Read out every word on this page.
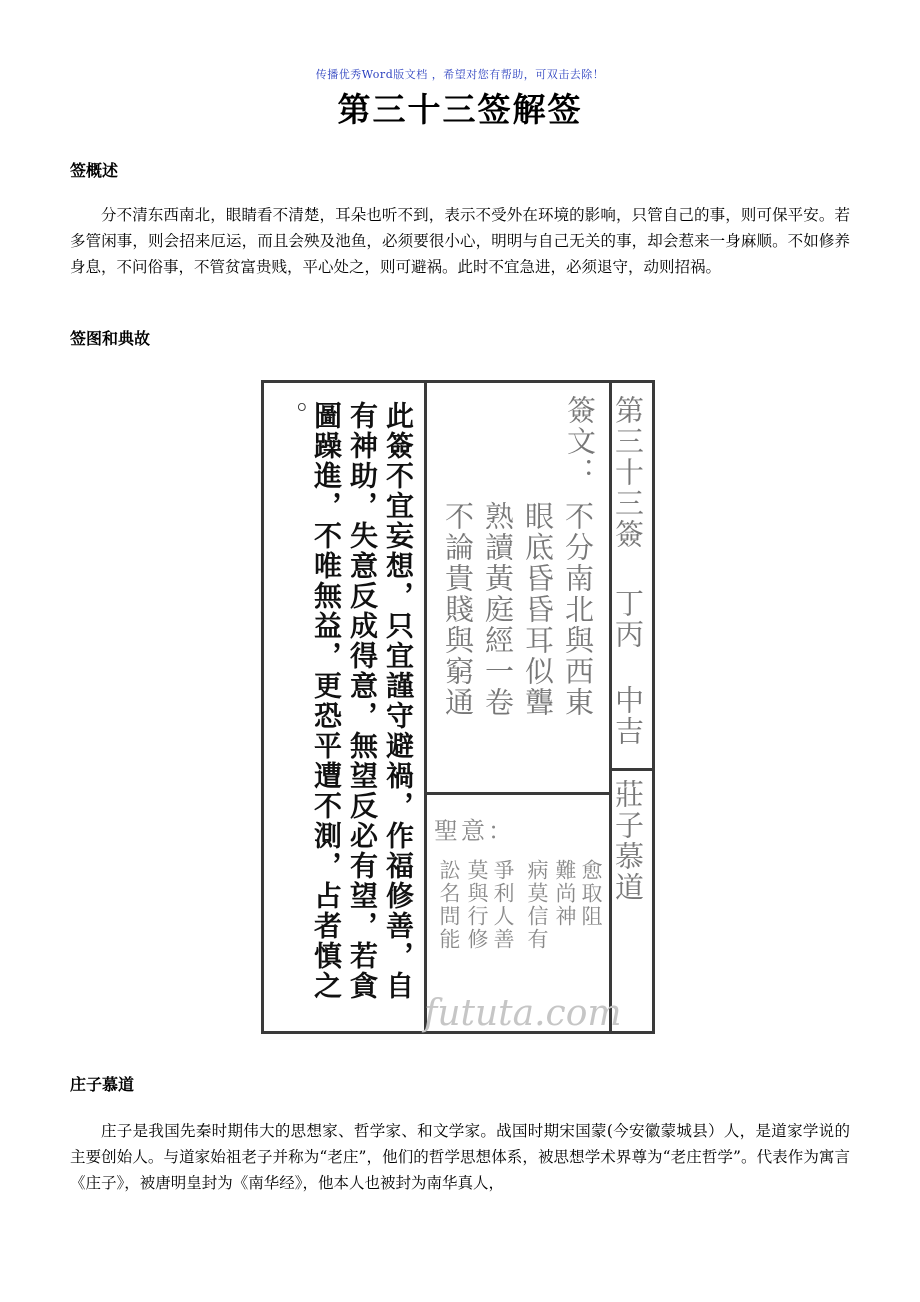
传播优秀Word版文档 ，希望对您有帮助，可双击去除！
第三十三签解签
签概述

分不清东西南北，眼睛看不清楚，耳朵也听不到，表示不受外在环境的影响，只管自己的事，则可保平安。若多管闲事，则会招来厄运，而且会殃及池鱼，必须要很小心，明明与自己无关的事，却会惹来一身麻顺。不如修养身息，不问俗事，不管贫富贵贱，平心处之，则可避祸。此时不宜急进，必须退守，动则招祸。

签图和典故
第三十三簽
丁丙
中吉
莊子慕道
簽文：
不分南北與西東
眼底昏昏耳似聾
熟讀黃庭經一卷
不論貴賤與窮通
聖意：
愈取阻
難尚神
病莫信有
爭利人善
莫與行修
訟名問能
fututa.com
此簽不宜妄想，只宜謹守避禍，作福修善，自
有神助，失意反成得意，無望反必有望，若貪
圖躁進，不唯無益，更恐平遭不測，占者慎之
。
庄子慕道

庄子是我国先秦时期伟大的思想家、哲学家、和文学家。战国时期宋国蒙(今安徽蒙城县）人，是道家学说的主要创始人。与道家始祖老子并称为“老庄”，他们的哲学思想体系，被思想学术界尊为“老庄哲学”。代表作为寓言《庄子》，被唐明皇封为《南华经》，他本人也被封为南华真人，
